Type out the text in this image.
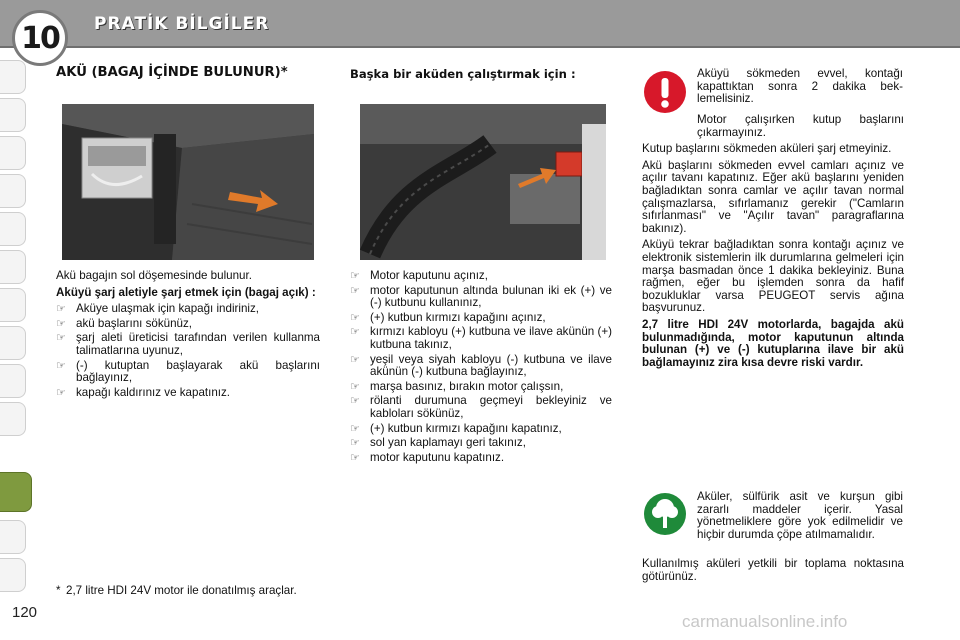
10	PRATİK BİLGİLER
AKÜ (BAGAJ İÇİNDE BULUNUR)*

Akü bagajın sol döşemesinde bulunur.

Aküyü şarj aletiyle şarj etmek için (bagaj açık) :

☞ Aküye ulaşmak için kapağı indiriniz,
☞ akü başlarını sökünüz,
☞ şarj aleti üreticisi tarafından verilen kullanma talimatlarına uyunuz,
☞ (-) kutuptan başlayarak akü başlarını bağlayınız,
☞ kapağı kaldırınız ve kapatınız.
* 2,7 litre HDI 24V motor ile donatılmış araçlar.
Başka bir aküden çalıştırmak için :
☞ Motor kaputunu açınız,
☞ motor kaputunun altında bulunan iki ek (+) ve (-) kutbunu kullanınız,
☞ (+) kutbun kırmızı kapağını açınız,
☞ kırmızı kabloyu (+) kutbuna ve ilave akünün (+) kutbuna takınız,
☞ yeşil veya siyah kabloyu (-) kutbuna ve ilave akünün (-) kutbuna bağlayınız,
☞ marşa basınız, bırakın motor çalışsın,
☞ rölanti durumuna geçmeyi bekleyiniz ve kabloları sökünüz,
☞ (+) kutbun kırmızı kapağını kapatınız,
☞ sol yan kaplamayı geri takınız,
☞ motor kaputunu kapatınız.

Aküyü sökmeden evvel, kontağı kapattıktan sonra 2 dakika beklemelisiniz.

Motor çalışırken kutup başlarını çıkarmayınız.

Kutup başlarını sökmeden aküleri şarj etmeyiniz.

Akü başlarını sökmeden evvel camları açınız ve açılır tavanı kapatınız. Eğer akü başlarını yeniden bağladıktan sonra camlar ve açılır tavan normal çalışmazlarsa, sıfırlamanız gerekir ("Camların sıfırlanması" ve "Açılır tavan" paragraflarına bakınız).

Aküyü tekrar bağladıktan sonra kontağı açınız ve elektronik sistemlerin ilk durumlarına gelmeleri için marşa basmadan önce 1 dakika bekleyiniz. Buna rağmen, eğer bu işlemden sonra da hafif bozukluklar varsa PEUGEOT servis ağına başvurunuz.

2,7 litre HDI 24V motorlarda, bagajda akü bulunmadığında, motor kaputunun altında bulunan (+) ve (-) kutuplarına ilave bir akü bağlamayınız zira kısa devre riski vardır.

Aküler, sülfürik asit ve kurşun gibi zararlı maddeler içerir. Yasal yönetmeliklere göre yok edilmelidir ve hiçbir durumda çöpe atılmamalıdır.

Kullanılmış aküleri yetkili bir toplama noktasına götürünüz.

120	carmanualsonline.info
